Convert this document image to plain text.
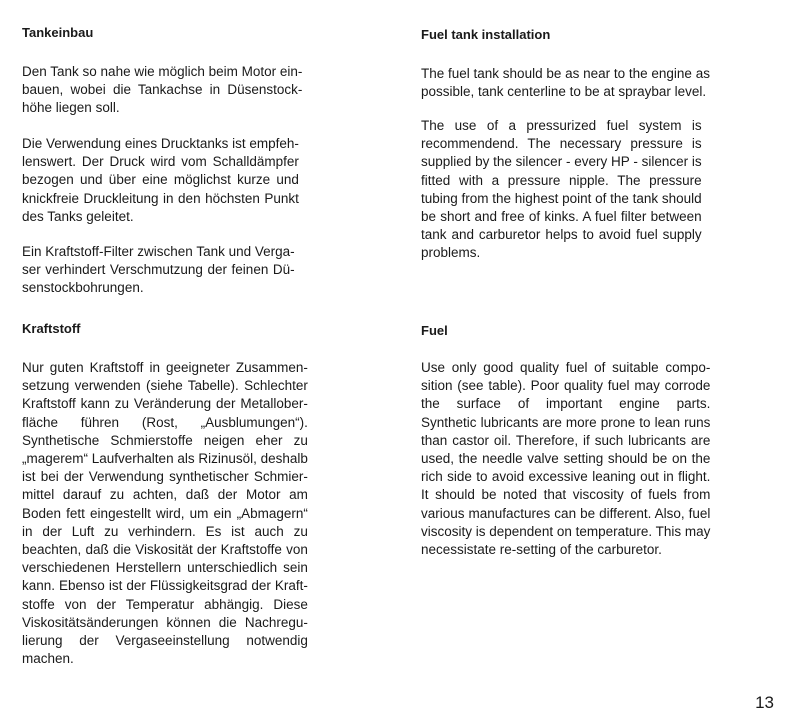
Tankeinbau

Den Tank so nahe wie möglich beim Motor ein-
bauen, wobei die Tankachse in Düsenstock-
höhe liegen soll.

Die Verwendung eines Drucktanks ist empfeh-
lenswert. Der Druck wird vom Schalldämpfer
bezogen und über eine möglichst kurze und
knickfreie Druckleitung in den höchsten Punkt
des Tanks geleitet.

Ein Kraftstoff-Filter zwischen Tank und Verga-
ser verhindert Verschmutzung der feinen Dü-
senstockbohrungen.

Kraftstoff

Nur guten Kraftstoff in geeigneter Zusammen-
setzung verwenden (siehe Tabelle). Schlechter
Kraftstoff kann zu Veränderung der Metallober-
fläche führen (Rost, „Ausblumungen“).
Synthetische Schmierstoffe neigen eher zu
„magerem“ Laufverhalten als Rizinusöl, deshalb
ist bei der Verwendung synthetischer Schmier-
mittel darauf zu achten, daß der Motor am
Boden fett eingestellt wird, um ein „Abmagern“
in der Luft zu verhindern. Es ist auch zu
beachten, daß die Viskosität der Kraftstoffe von
verschiedenen Herstellern unterschiedlich sein
kann. Ebenso ist der Flüssigkeitsgrad der Kraft-
stoffe von der Temperatur abhängig. Diese
Viskositätsänderungen können die Nachregu-
lierung der Vergaseeinstellung notwendig
machen.

Fuel tank installation

The fuel tank should be as near to the engine as
possible, tank centerline to be at spraybar level.

The use of a pressurized fuel system is
recommendend. The necessary pressure is
supplied by the silencer - every HP - silencer is
fitted with a pressure nipple. The pressure
tubing from the highest point of the tank should
be short and free of kinks. A fuel filter between
tank and carburetor helps to avoid fuel supply
problems.

Fuel

Use only good quality fuel of suitable compo-
sition (see table). Poor quality fuel may corrode
the surface of important engine parts.
Synthetic lubricants are more prone to lean runs
than castor oil. Therefore, if such lubricants are
used, the needle valve setting should be on the
rich side to avoid excessive leaning out in flight.
It should be noted that viscosity of fuels from
various manufactures can be different. Also, fuel
viscosity is dependent on temperature. This may
necessistate re-setting of the carburetor.

13
